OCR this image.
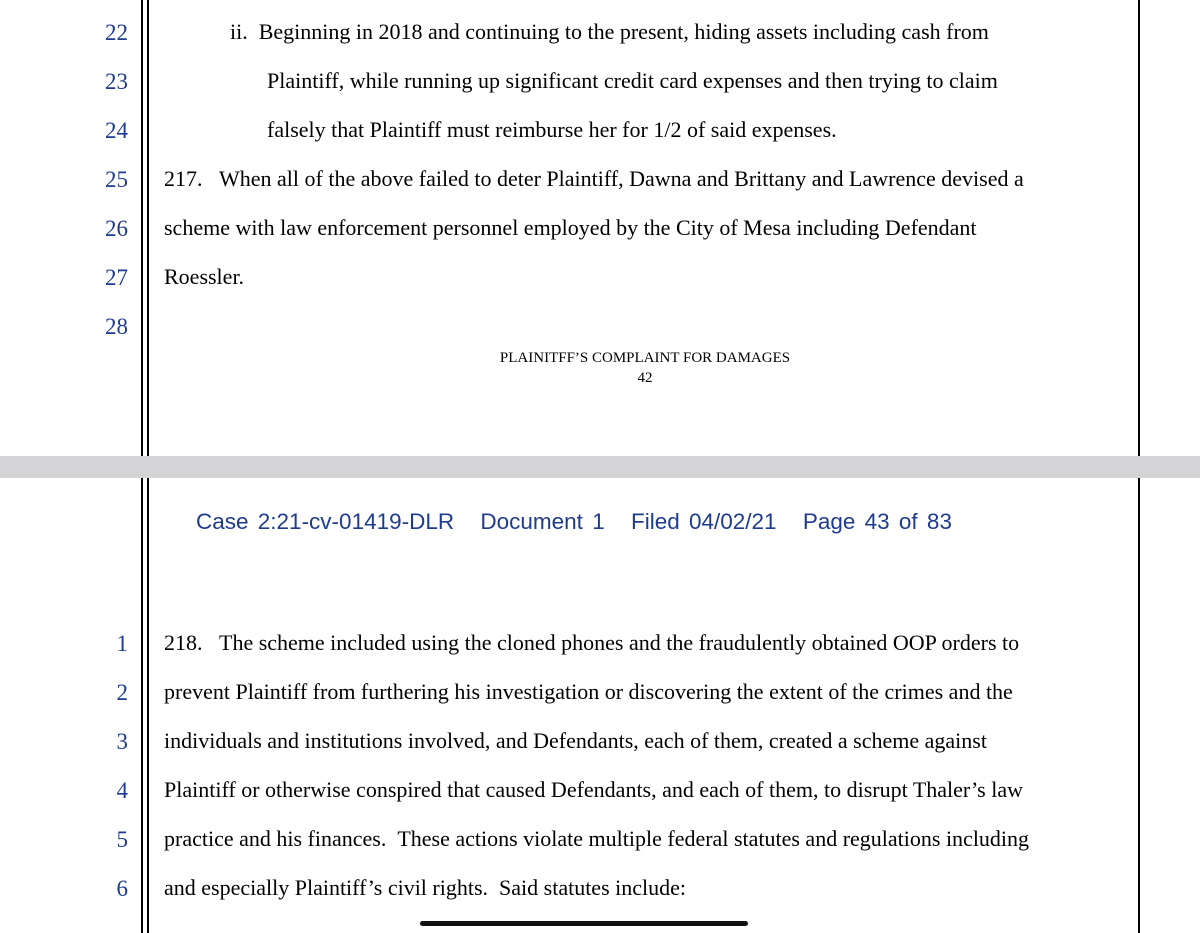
22	ii.  Beginning in 2018 and continuing to the present, hiding assets including cash from
23	Plaintiff, while running up significant credit card expenses and then trying to claim
24	falsely that Plaintiff must reimburse her for 1/2 of said expenses.
25 217.   When all of the above failed to deter Plaintiff, Dawna and Brittany and Lawrence devised a
26 scheme with law enforcement personnel employed by the City of Mesa including Defendant
27 Roessler.
28
PLAINITFF’S COMPLAINT FOR DAMAGES
42
Case 2:21-cv-01419-DLR Document 1 Filed 04/02/21 Page 43 of 83
1 218.   The scheme included using the cloned phones and the fraudulently obtained OOP orders to
2 prevent Plaintiff from furthering his investigation or discovering the extent of the crimes and the
3 individuals and institutions involved, and Defendants, each of them, created a scheme against
4 Plaintiff or otherwise conspired that caused Defendants, and each of them, to disrupt Thaler’s law
5 practice and his finances.  These actions violate multiple federal statutes and regulations including
6 and especially Plaintiff’s civil rights.  Said statutes include:
